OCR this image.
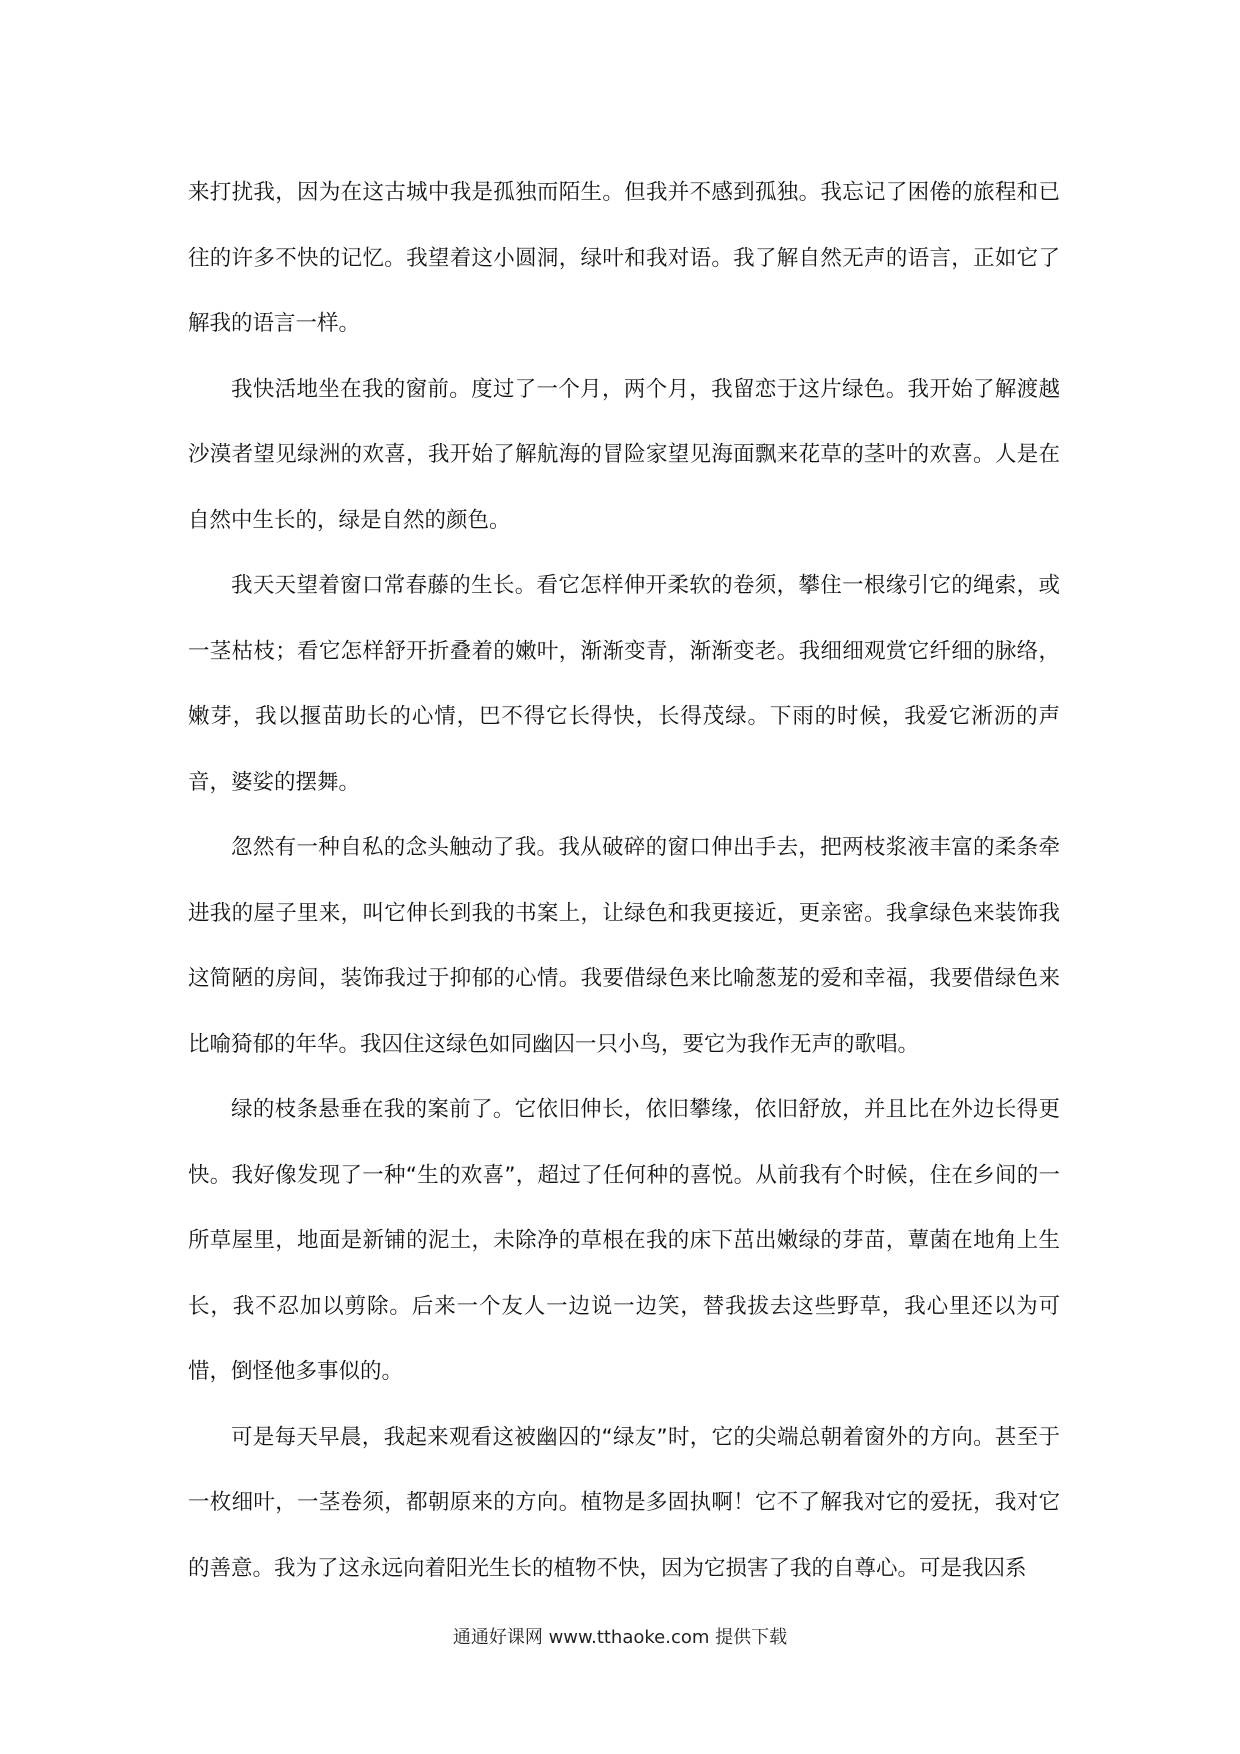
来打扰我，因为在这古城中我是孤独而陌生。但我并不感到孤独。我忘记了困倦的旅程和已往的许多不快的记忆。我望着这小圆洞，绿叶和我对语。我了解自然无声的语言，正如它了解我的语言一样。

我快活地坐在我的窗前。度过了一个月，两个月，我留恋于这片绿色。我开始了解渡越沙漠者望见绿洲的欢喜，我开始了解航海的冒险家望见海面飘来花草的茎叶的欢喜。人是在自然中生长的，绿是自然的颜色。

我天天望着窗口常春藤的生长。看它怎样伸开柔软的卷须，攀住一根缘引它的绳索，或一茎枯枝；看它怎样舒开折叠着的嫩叶，渐渐变青，渐渐变老。我细细观赏它纤细的脉络，嫩芽，我以揠苗助长的心情，巴不得它长得快，长得茂绿。下雨的时候，我爱它淅沥的声音，婆娑的摆舞。

忽然有一种自私的念头触动了我。我从破碎的窗口伸出手去，把两枝浆液丰富的柔条牵进我的屋子里来，叫它伸长到我的书案上，让绿色和我更接近，更亲密。我拿绿色来装饰我这简陋的房间，装饰我过于抑郁的心情。我要借绿色来比喻葱茏的爱和幸福，我要借绿色来比喻猗郁的年华。我囚住这绿色如同幽囚一只小鸟，要它为我作无声的歌唱。

绿的枝条悬垂在我的案前了。它依旧伸长，依旧攀缘，依旧舒放，并且比在外边长得更快。我好像发现了一种“生的欢喜”，超过了任何种的喜悦。从前我有个时候，住在乡间的一所草屋里，地面是新铺的泥土，未除净的草根在我的床下茁出嫩绿的芽苗，蕈菌在地角上生长，我不忍加以剪除。后来一个友人一边说一边笑，替我拔去这些野草，我心里还以为可惜，倒怪他多事似的。

可是每天早晨，我起来观看这被幽囚的“绿友”时，它的尖端总朝着窗外的方向。甚至于一枚细叶，一茎卷须，都朝原来的方向。植物是多固执啊！它不了解我对它的爱抚，我对它的善意。我为了这永远向着阳光生长的植物不快，因为它损害了我的自尊心。可是我囚系

通通好课网 www.tthaoke.com 提供下载
